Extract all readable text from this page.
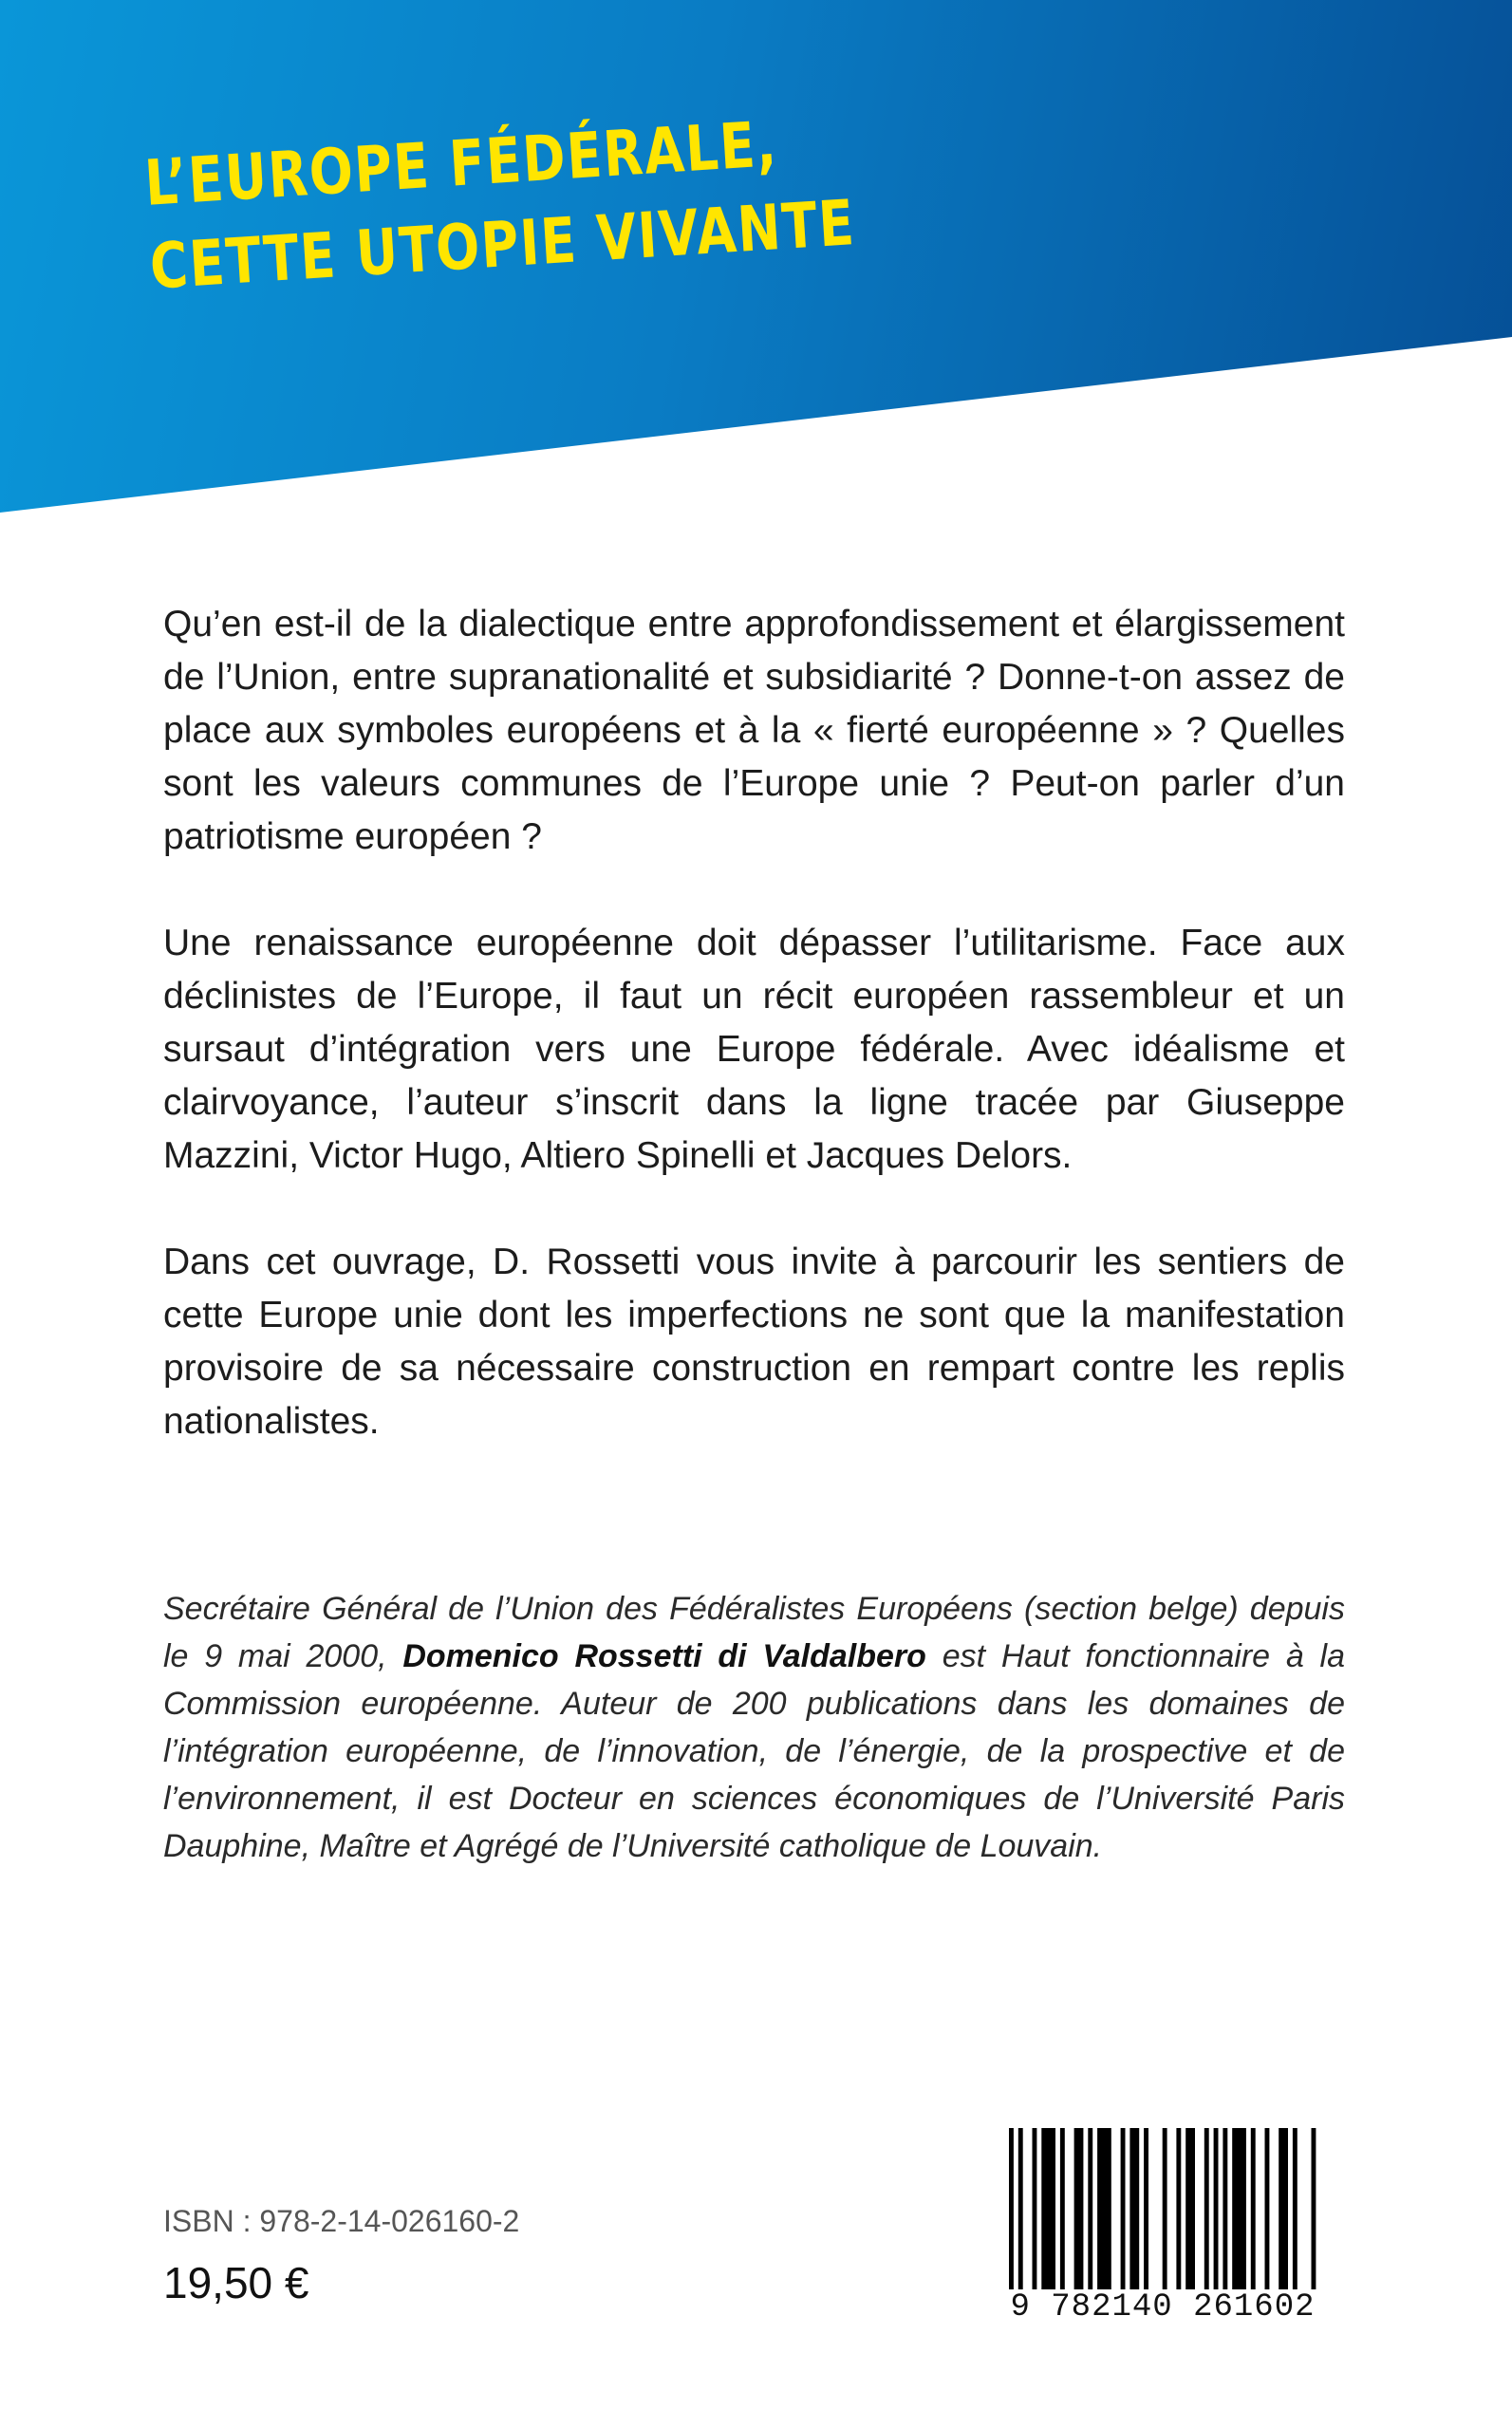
L’EUROPE FÉDÉRALE,
CETTE UTOPIE VIVANTE

Qu’en est-il de la dialectique entre approfondissement et élargissement de l’Union, entre supranationalité et subsidiarité ? Donne-t-on assez de place aux symboles européens et à la « fierté européenne » ? Quelles sont les valeurs communes de l’Europe unie ? Peut-on parler d’un patriotisme européen ?

Une renaissance européenne doit dépasser l’utilitarisme. Face aux déclinistes de l’Europe, il faut un récit européen rassembleur et un sursaut d’intégration vers une Europe fédérale. Avec idéalisme et clairvoyance, l’auteur s’inscrit dans la ligne tracée par Giuseppe Mazzini, Victor Hugo, Altiero Spinelli et Jacques Delors.

Dans cet ouvrage, D. Rossetti vous invite à parcourir les sentiers de cette Europe unie dont les imperfections ne sont que la manifestation provisoire de sa nécessaire construction en rempart contre les replis nationalistes.

Secrétaire Général de l’Union des Fédéralistes Européens (section belge) depuis le 9 mai 2000, Domenico Rossetti di Valdalbero est Haut fonctionnaire à la Commission européenne. Auteur de 200 publications dans les domaines de l’intégration européenne, de l’innovation, de l’énergie, de la prospective et de l’environnement, il est Docteur en sciences économiques de l’Université Paris Dauphine, Maître et Agrégé de l’Université catholique de Louvain.

ISBN : 978-2-14-026160-2
19,50 €	9 782140 261602
